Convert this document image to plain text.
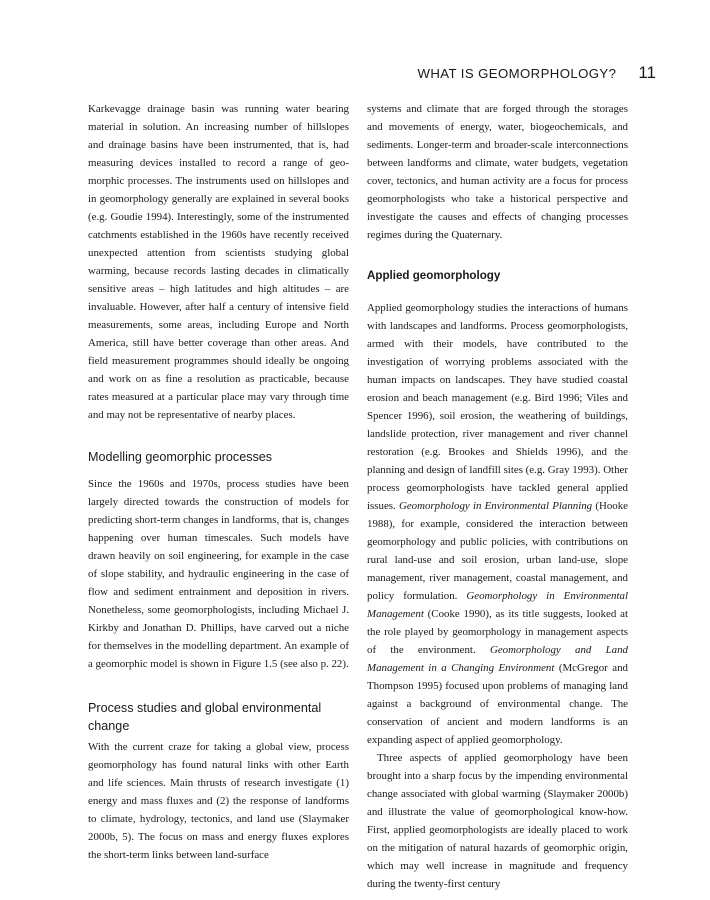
WHAT IS GEOMORPHOLOGY? 11

Karkevagge drainage basin was running water bearing material in solution. An increasing number of hillslopes and drainage basins have been instrumented, that is, had measuring devices installed to record a range of geomorphic processes. The instruments used on hillslopes and in geomorphology generally are explained in several books (e.g. Goudie 1994). Interestingly, some of the instrumented catchments established in the 1960s have recently received unexpected attention from scientists studying global warming, because records lasting decades in climatically sensitive areas – high latitudes and high altitudes – are invaluable. However, after half a century of intensive field measurements, some areas, including Europe and North America, still have better coverage than other areas. And field measurement programmes should ideally be ongoing and work on as fine a resolution as practicable, because rates measured at a particular place may vary through time and may not be representative of nearby places.

Modelling geomorphic processes

Since the 1960s and 1970s, process studies have been largely directed towards the construction of models for predicting short-term changes in landforms, that is, changes happening over human timescales. Such models have drawn heavily on soil engineering, for example in the case of slope stability, and hydraulic engineering in the case of flow and sediment entrainment and deposition in rivers. Nonetheless, some geomorphologists, including Michael J. Kirkby and Jonathan D. Phillips, have carved out a niche for themselves in the modelling department. An example of a geomorphic model is shown in Figure 1.5 (see also p. 22).

Process studies and global environmental change

With the current craze for taking a global view, process geomorphology has found natural links with other Earth and life sciences. Main thrusts of research investigate (1) energy and mass fluxes and (2) the response of landforms to climate, hydrology, tectonics, and land use (Slaymaker 2000b, 5). The focus on mass and energy fluxes explores the short-term links between land-surface

systems and climate that are forged through the storages and movements of energy, water, biogeochemicals, and sediments. Longer-term and broader-scale interconnections between landforms and climate, water budgets, vegetation cover, tectonics, and human activity are a focus for process geomorphologists who take a historical perspective and investigate the causes and effects of changing processes regimes during the Quaternary.

Applied geomorphology

Applied geomorphology studies the interactions of humans with landscapes and landforms. Process geomorphologists, armed with their models, have contributed to the investigation of worrying problems associated with the human impacts on landscapes. They have studied coastal erosion and beach management (e.g. Bird 1996; Viles and Spencer 1996), soil erosion, the weathering of buildings, landslide protection, river management and river channel restoration (e.g. Brookes and Shields 1996), and the planning and design of landfill sites (e.g. Gray 1993). Other process geomorphologists have tackled general applied issues. Geomorphology in Environmental Planning (Hooke 1988), for example, considered the interaction between geomorphology and public policies, with contributions on rural land-use and soil erosion, urban land-use, slope management, river management, coastal management, and policy formulation. Geomorphology in Environmental Management (Cooke 1990), as its title suggests, looked at the role played by geomorphology in management aspects of the environment. Geomorphology and Land Management in a Changing Environment (McGregor and Thompson 1995) focused upon problems of managing land against a background of environmental change. The conservation of ancient and modern landforms is an expanding aspect of applied geomorphology.

Three aspects of applied geomorphology have been brought into a sharp focus by the impending environmental change associated with global warming (Slaymaker 2000b) and illustrate the value of geomorphological know-how. First, applied geomorphologists are ideally placed to work on the mitigation of natural hazards of geomorphic origin, which may well increase in magnitude and frequency during the twenty-first century
